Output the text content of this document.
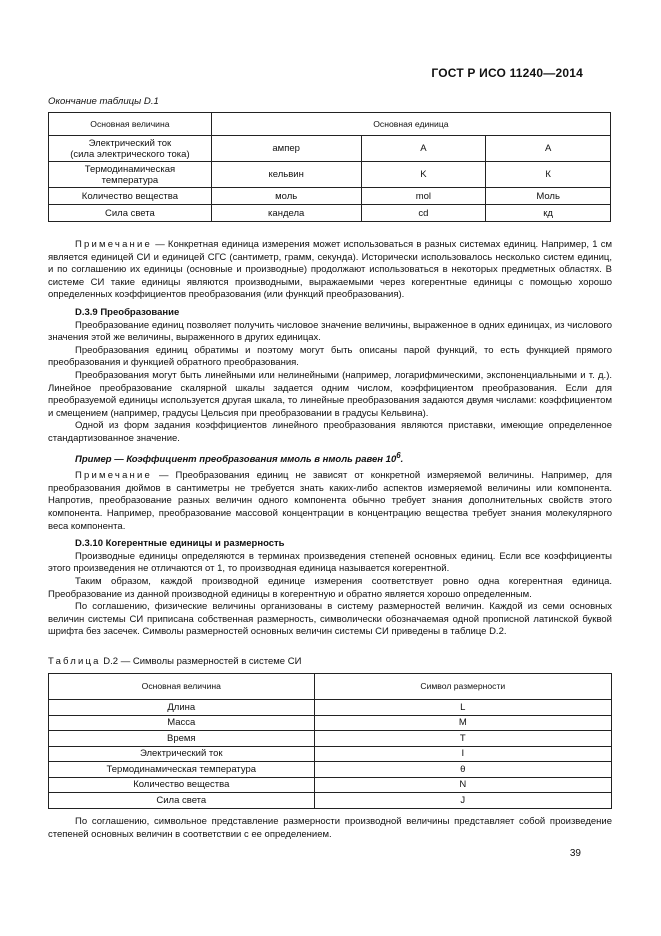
ГОСТ Р ИСО 11240—2014
Окончание таблицы D.1
Основная величина	Основная единица		
Электрический ток
(сила электрического тока)	ампер	A	А
Термодинамическая
температура	кельвин	K	К
Количество вещества	моль	mol	Моль
Сила света	кандела	cd	кд

Примечание — Конкретная единица измерения может использоваться в разных системах единиц. Например, 1 см является единицей СИ и единицей СГС (сантиметр, грамм, секунда). Исторически использовалось несколько систем единиц, и по соглашению их единицы (основные и производные) продолжают использоваться в некоторых предметных областях. В системе СИ такие единицы являются производными, выражаемыми через когерентные единицы с помощью хорошо определенных коэффициентов преобразования (или функций преобразования).

D.3.9 Преобразование

Преобразование единиц позволяет получить числовое значение величины, выраженное в одних единицах, из числового значения этой же величины, выраженного в других единицах.

Преобразования единиц обратимы и поэтому могут быть описаны парой функций, то есть функцией прямого преобразования и функцией обратного преобразования.

Преобразования могут быть линейными или нелинейными (например, логарифмическими, экспоненциальными и т. д.). Линейное преобразование скалярной шкалы задается одним числом, коэффициентом преобразования. Если для преобразуемой единицы используется другая шкала, то линейные преобразования задаются двумя числами: коэффициентом и смещением (например, градусы Цельсия при преобразовании в градусы Кельвина).

Одной из форм задания коэффициентов линейного преобразования являются приставки, имеющие определенное стандартизованное значение.

Пример — Коэффициент преобразования ммоль в нмоль равен $10^6$.

Примечание — Преобразования единиц не зависят от конкретной измеряемой величины. Например, для преобразования дюймов в сантиметры не требуется знать каких-либо аспектов измеряемой величины или компонента. Напротив, преобразование разных величин одного компонента обычно требует знания дополнительных свойств этого компонента. Например, преобразование массовой концентрации в концентрацию вещества требует знания молекулярного веса компонента.

D.3.10 Когерентные единицы и размерность

Производные единицы определяются в терминах произведения степеней основных единиц. Если все коэффициенты этого произведения не отличаются от 1, то производная единица называется когерентной.

Таким образом, каждой производной единице измерения соответствует ровно одна когерентная единица. Преобразование из данной производной единицы в когерентную и обратно является хорошо определенным.

По соглашению, физические величины организованы в систему размерностей величин. Каждой из семи основных величин системы СИ приписана собственная размерность, символически обозначаемая одной прописной латинской буквой шрифта без засечек. Символы размерностей основных величин системы СИ приведены в таблице D.2.

Таблица D.2 — Символы размерностей в системе СИ
Основная величина	Символ размерности
Длина	L
Масса	M
Время	T
Электрический ток	I
Термодинамическая температура	θ
Количество вещества	N
Сила света	J

По соглашению, символьное представление размерности производной величины представляет собой произведение степеней основных величин в соответствии с ее определением.

39
